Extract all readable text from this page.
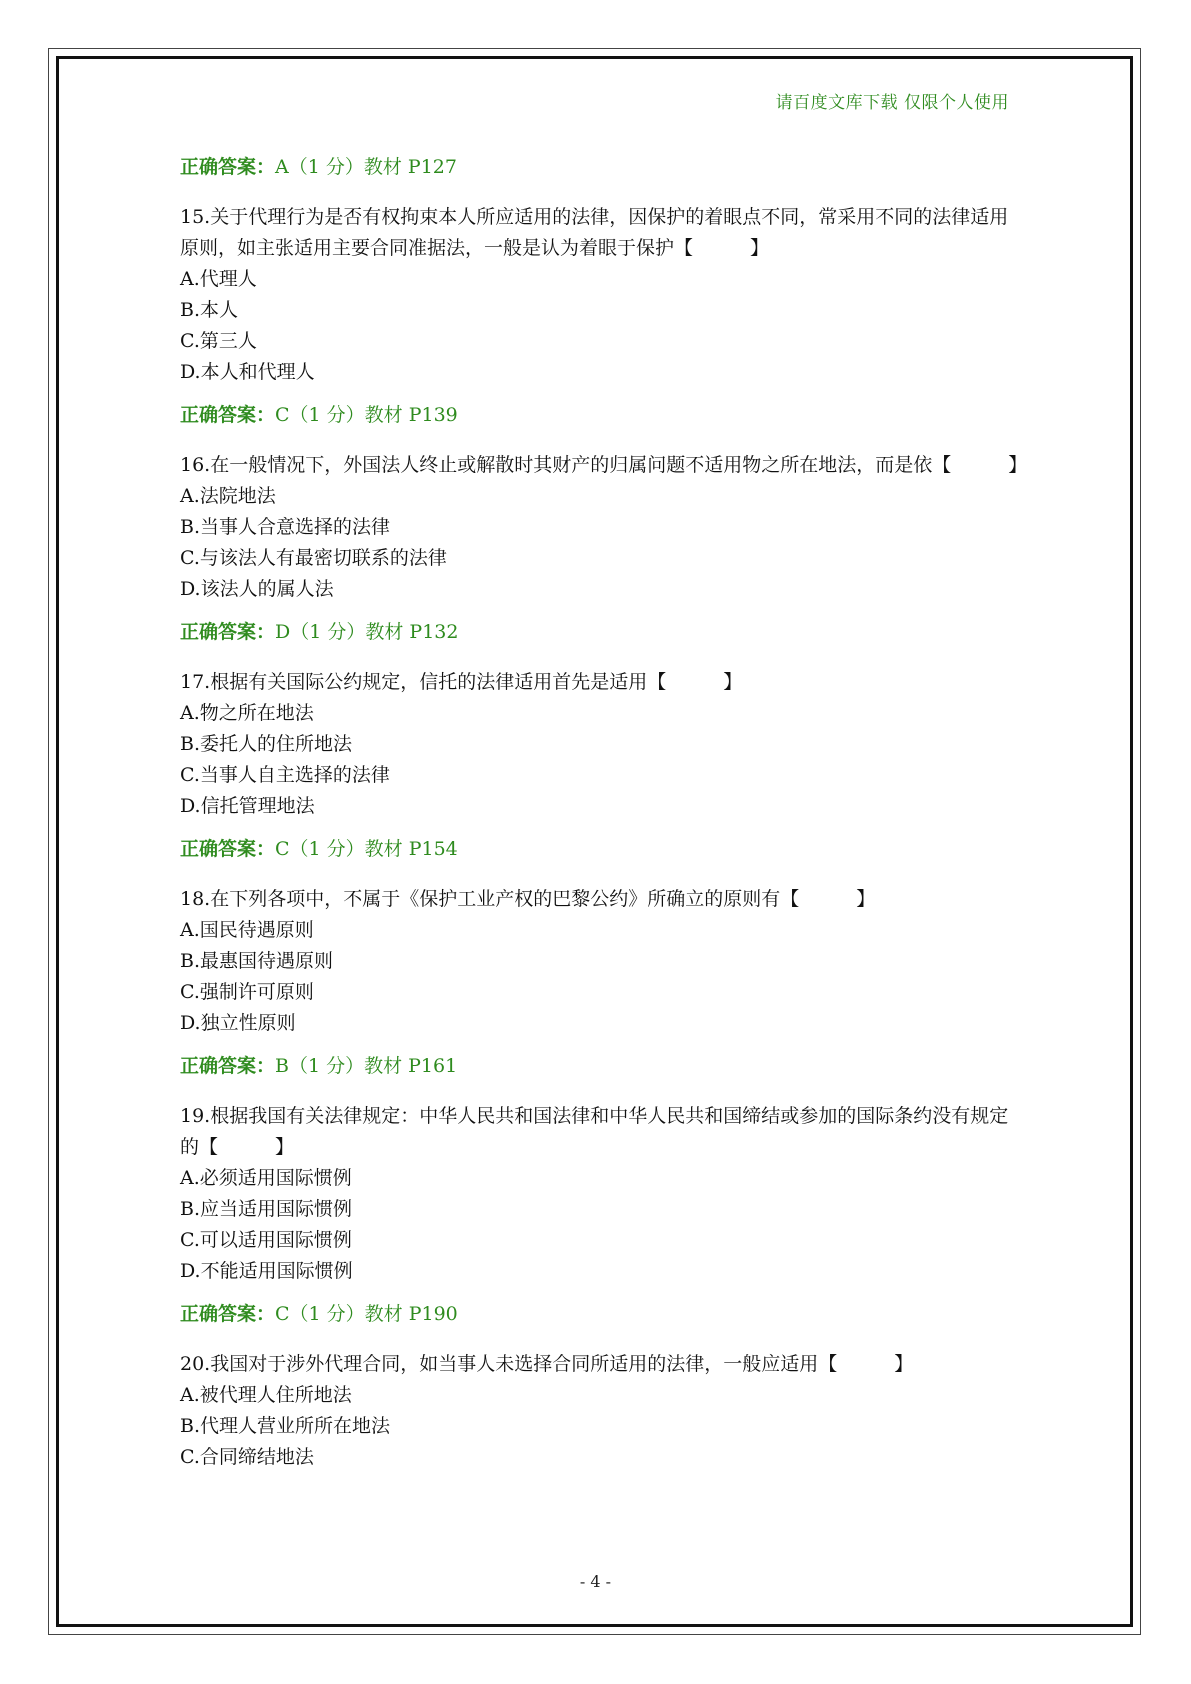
请百度文库下载 仅限个人使用
正确答案：A（1 分）教材 P127

15.关于代理行为是否有权拘束本人所应适用的法律，因保护的着眼点不同，常采用不同的法律适用原则，如主张适用主要合同准据法，一般是认为着眼于保护【　　　】

A.代理人

B.本人

C.第三人

D.本人和代理人

正确答案：C（1 分）教材 P139

16.在一般情况下，外国法人终止或解散时其财产的归属问题不适用物之所在地法，而是依【　　　】

A.法院地法

B.当事人合意选择的法律

C.与该法人有最密切联系的法律

D.该法人的属人法

正确答案：D（1 分）教材 P132

17.根据有关国际公约规定，信托的法律适用首先是适用【　　　】

A.物之所在地法

B.委托人的住所地法

C.当事人自主选择的法律

D.信托管理地法

正确答案：C（1 分）教材 P154

18.在下列各项中，不属于《保护工业产权的巴黎公约》所确立的原则有【　　　】

A.国民待遇原则

B.最惠国待遇原则

C.强制许可原则

D.独立性原则

正确答案：B（1 分）教材 P161

19.根据我国有关法律规定：中华人民共和国法律和中华人民共和国缔结或参加的国际条约没有规定的【　　　】

A.必须适用国际惯例

B.应当适用国际惯例

C.可以适用国际惯例

D.不能适用国际惯例

正确答案：C（1 分）教材 P190

20.我国对于涉外代理合同，如当事人未选择合同所适用的法律，一般应适用【　　　】

A.被代理人住所地法

B.代理人营业所所在地法

C.合同缔结地法

- 4 -
